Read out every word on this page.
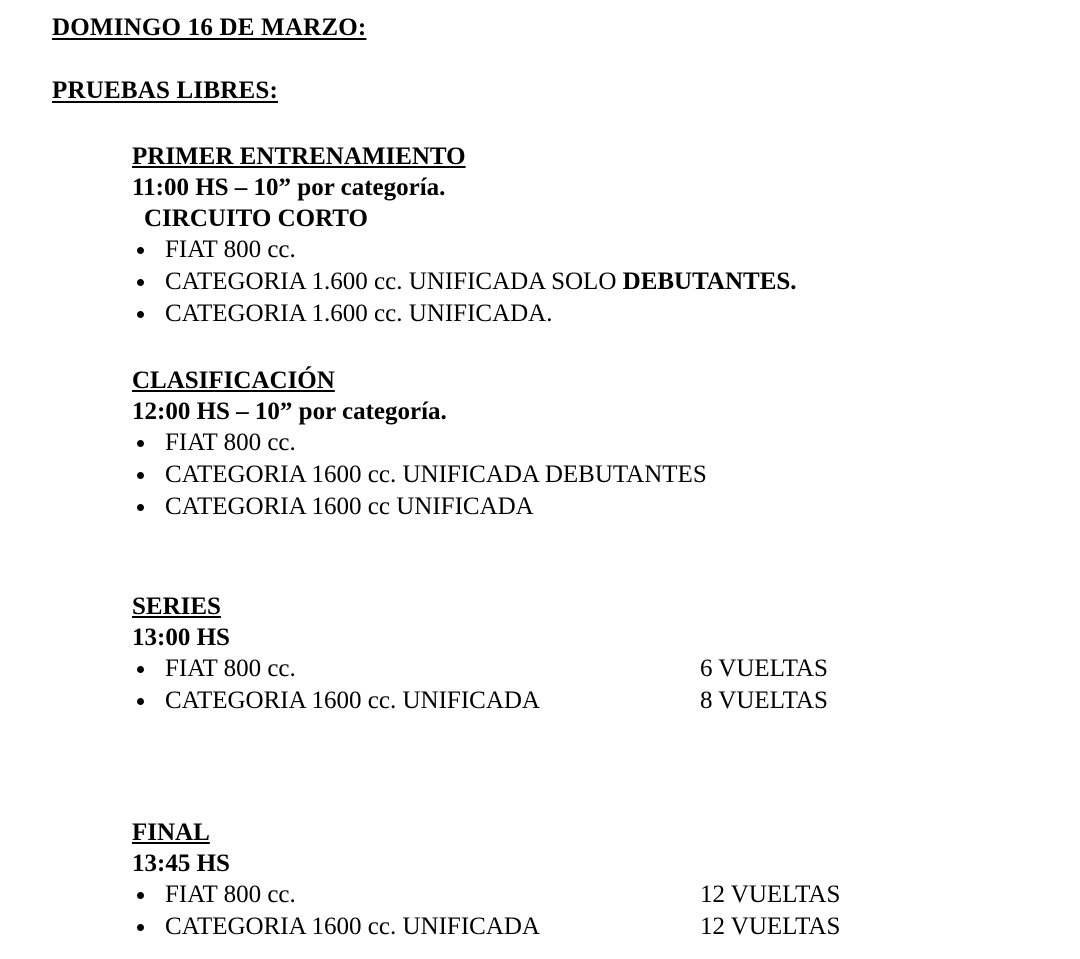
DOMINGO 16 DE MARZO:
PRUEBAS LIBRES:
PRIMER ENTRENAMIENTO
11:00 HS – 10” por categoría.
CIRCUITO CORTO
FIAT 800 cc.
CATEGORIA 1.600 cc. UNIFICADA SOLO DEBUTANTES.
CATEGORIA 1.600 cc. UNIFICADA.
CLASIFICACIÓN
12:00 HS – 10” por categoría.
FIAT 800 cc.
CATEGORIA 1600 cc. UNIFICADA DEBUTANTES
CATEGORIA 1600 cc UNIFICADA
SERIES
13:00 HS
FIAT 800 cc.	6 VUELTAS
CATEGORIA 1600 cc. UNIFICADA	8 VUELTAS
FINAL
13:45 HS
FIAT 800 cc.	12 VUELTAS
CATEGORIA 1600 cc. UNIFICADA	12 VUELTAS
